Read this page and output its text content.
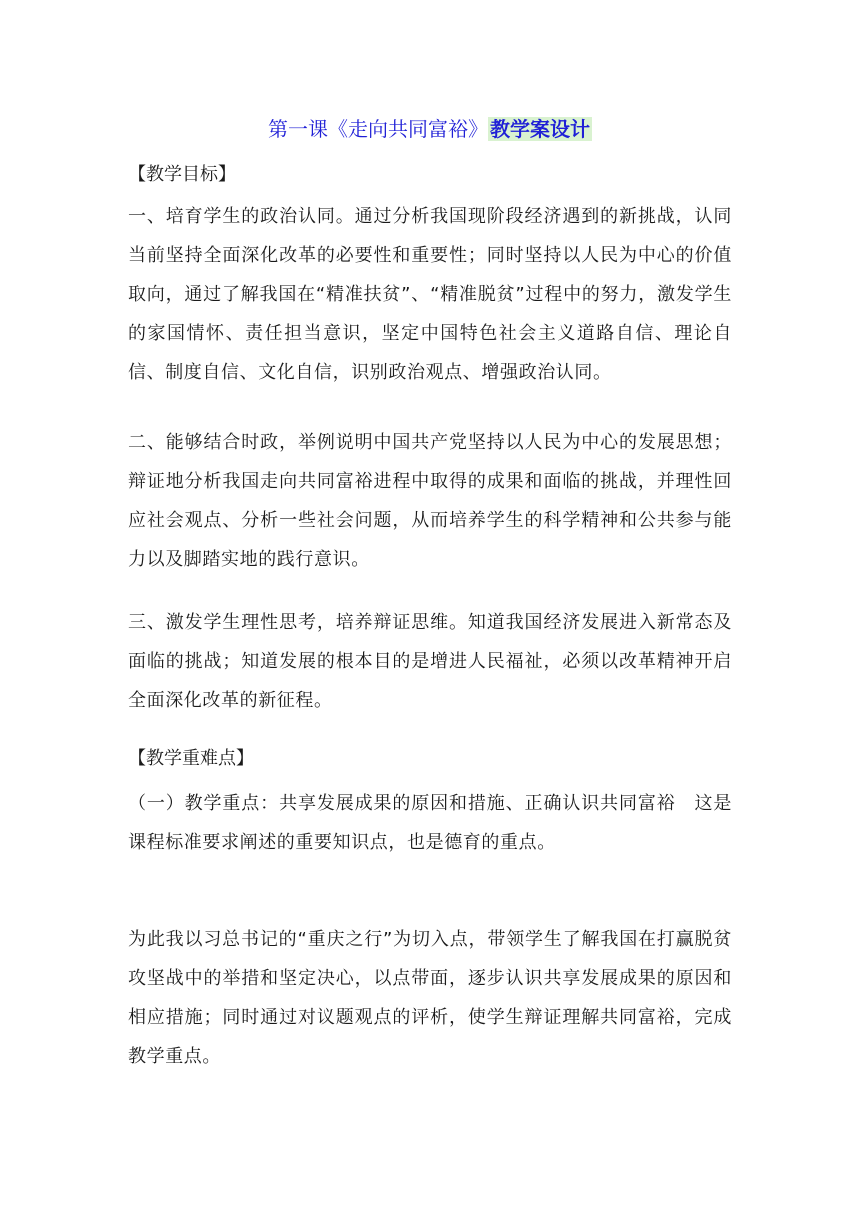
第一课《走向共同富裕》 教学案设计
【教学目标】
一、培育学生的政治认同。通过分析我国现阶段经济遇到的新挑战，认同当前坚持全面深化改革的必要性和重要性；同时坚持以人民为中心的价值取向，通过了解我国在“精准扶贫”、“精准脱贫”过程中的努力，激发学生的家国情怀、责任担当意识，坚定中国特色社会主义道路自信、理论自信、制度自信、文化自信，识别政治观点、增强政治认同。
二、能够结合时政，举例说明中国共产党坚持以人民为中心的发展思想；辩证地分析我国走向共同富裕进程中取得的成果和面临的挑战，并理性回应社会观点、分析一些社会问题，从而培养学生的科学精神和公共参与能力以及脚踏实地的践行意识。
三、激发学生理性思考，培养辩证思维。知道我国经济发展进入新常态及面临的挑战；知道发展的根本目的是增进人民福祉，必须以改革精神开启全面深化改革的新征程。
【教学重难点】
（一）教学重点：共享发展成果的原因和措施、正确认识共同富裕　这是课程标准要求阐述的重要知识点，也是德育的重点。
为此我以习总书记的“重庆之行”为切入点，带领学生了解我国在打赢脱贫攻坚战中的举措和坚定决心，以点带面，逐步认识共享发展成果的原因和相应措施；同时通过对议题观点的评析，使学生辩证理解共同富裕，完成教学重点。
